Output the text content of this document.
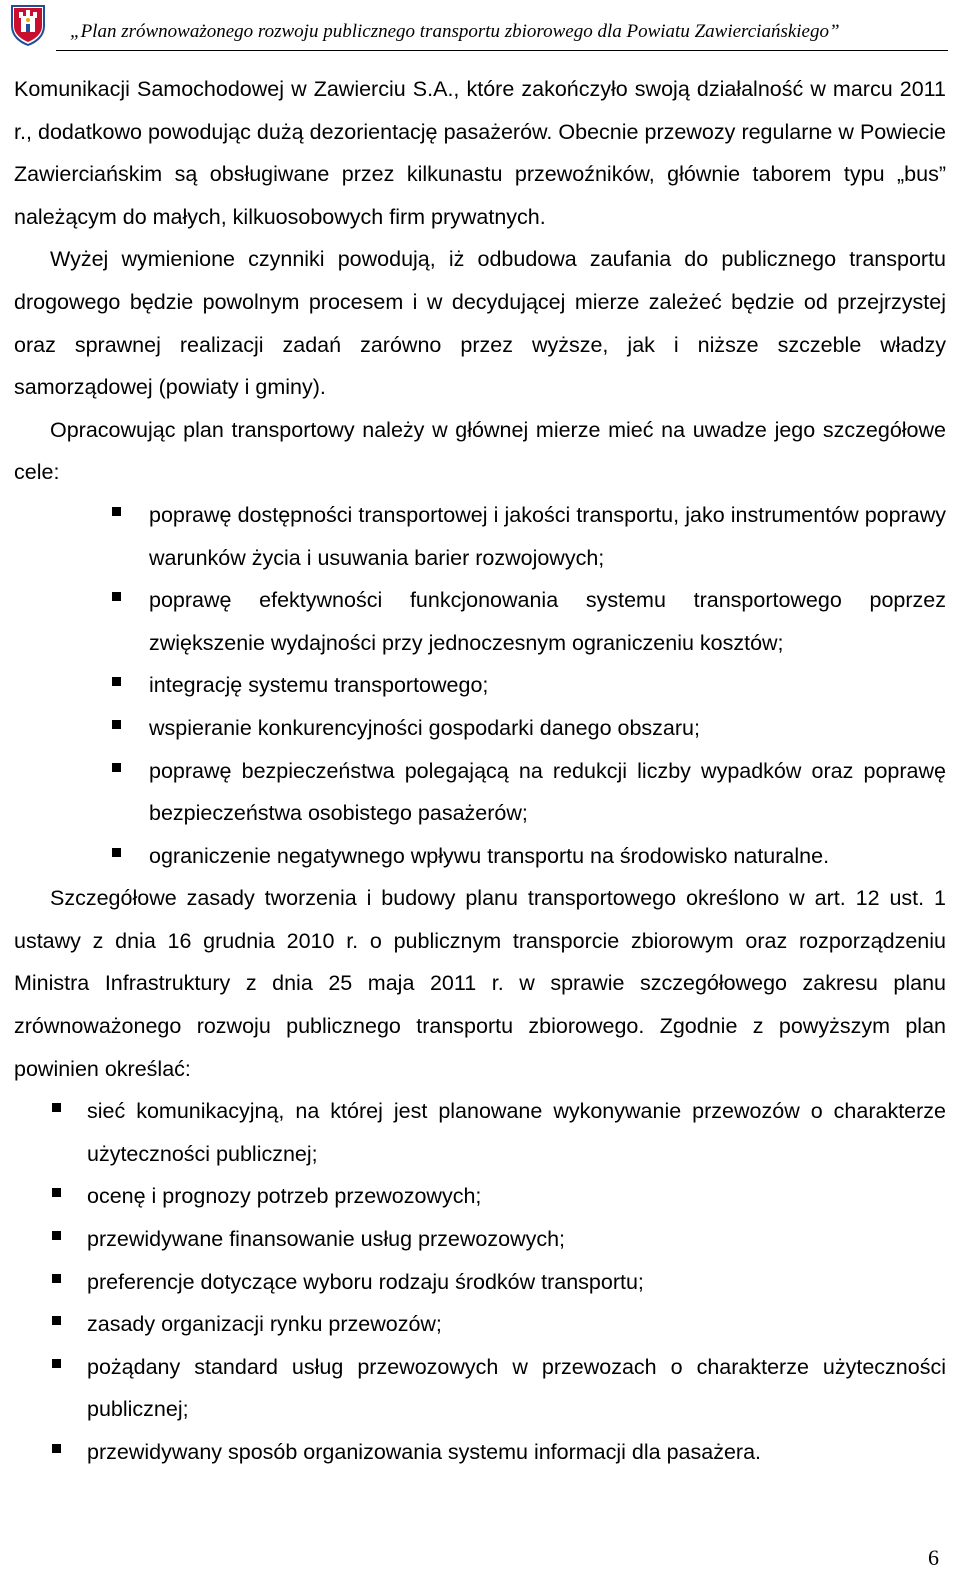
„Plan zrównoważonego rozwoju publicznego transportu zbiorowego dla Powiatu Zawierciańskiego”

Komunikacji Samochodowej w Zawierciu S.A., które zakończyło swoją działalność w marcu 2011 r., dodatkowo powodując dużą dezorientację pasażerów. Obecnie przewozy regularne w Powiecie Zawierciańskim są obsługiwane przez kilkunastu przewoźników, głównie taborem typu „bus” należącym do małych, kilkuosobowych firm prywatnych.

Wyżej wymienione czynniki powodują, iż odbudowa zaufania do publicznego transportu drogowego będzie powolnym procesem i w decydującej mierze zależeć będzie od przejrzystej oraz sprawnej realizacji zadań zarówno przez wyższe, jak i niższe szczeble władzy samorządowej (powiaty i gminy).

Opracowując plan transportowy należy w głównej mierze mieć na uwadze jego szczegółowe cele:

poprawę dostępności transportowej i jakości transportu, jako instrumentów poprawy warunków życia i usuwania barier rozwojowych;
poprawę efektywności funkcjonowania systemu transportowego poprzez zwiększenie wydajności przy jednoczesnym ograniczeniu kosztów;
integrację systemu transportowego;
wspieranie konkurencyjności gospodarki danego obszaru;
poprawę bezpieczeństwa polegającą na redukcji liczby wypadków oraz poprawę bezpieczeństwa osobistego pasażerów;
ograniczenie negatywnego wpływu transportu na środowisko naturalne.

Szczegółowe zasady tworzenia i budowy planu transportowego określono w art. 12 ust. 1 ustawy z dnia 16 grudnia 2010 r. o publicznym transporcie zbiorowym oraz rozporządzeniu Ministra Infrastruktury z dnia 25 maja 2011 r. w sprawie szczegółowego zakresu planu zrównoważonego rozwoju publicznego transportu zbiorowego. Zgodnie z powyższym plan powinien określać:

sieć komunikacyjną, na której jest planowane wykonywanie przewozów o charakterze użyteczności publicznej;
ocenę i prognozy potrzeb przewozowych;
przewidywane finansowanie usług przewozowych;
preferencje dotyczące wyboru rodzaju środków transportu;
zasady organizacji rynku przewozów;
pożądany standard usług przewozowych w przewozach o charakterze użyteczności publicznej;
przewidywany sposób organizowania systemu informacji dla pasażera.
6
